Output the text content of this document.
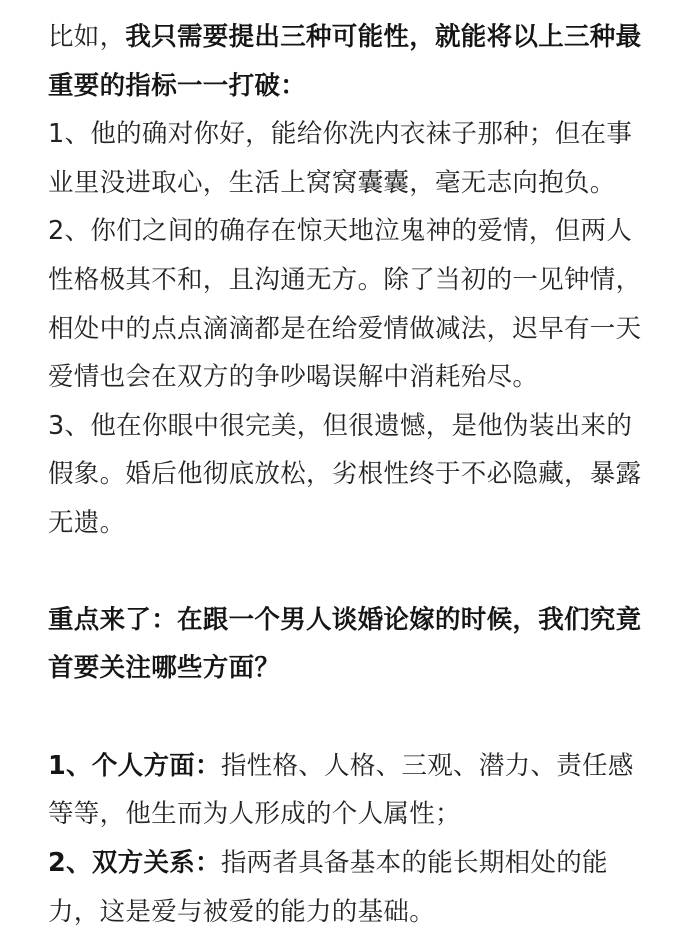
比如，我只需要提出三种可能性，就能将以上三种最
重要的指标一一打破：
1、他的确对你好，能给你洗内衣袜子那种；但在事
业里没进取心，生活上窝窝囊囊，毫无志向抱负。
2、你们之间的确存在惊天地泣鬼神的爱情，但两人
性格极其不和，且沟通无方。除了当初的一见钟情，
相处中的点点滴滴都是在给爱情做减法，迟早有一天
爱情也会在双方的争吵喝误解中消耗殆尽。
3、他在你眼中很完美，但很遗憾，是他伪装出来的
假象。婚后他彻底放松，劣根性终于不必隐藏，暴露
无遗。
重点来了：在跟一个男人谈婚论嫁的时候，我们究竟
首要关注哪些方面？
1、个人方面：指性格、人格、三观、潜力、责任感
等等，他生而为人形成的个人属性；
2、双方关系：指两者具备基本的能长期相处的能
力，这是爱与被爱的能力的基础。
